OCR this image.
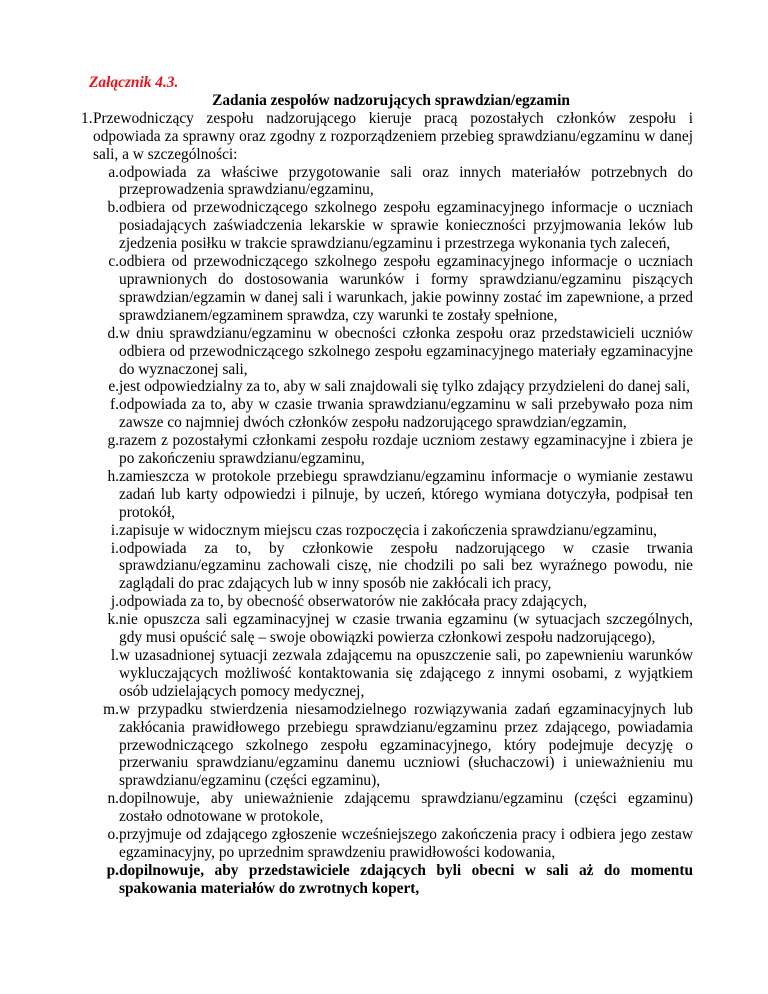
Załącznik 4.3.

Zadania zespołów nadzorujących sprawdzian/egzamin

1. Przewodniczący zespołu nadzorującego kieruje pracą pozostałych członków zespołu i odpowiada za sprawny oraz zgodny z rozporządzeniem przebieg sprawdzianu/egzaminu w danej sali, a w szczególności:
a. odpowiada za właściwe przygotowanie sali oraz innych materiałów potrzebnych do przeprowadzenia sprawdzianu/egzaminu,
b. odbiera od przewodniczącego szkolnego zespołu egzaminacyjnego informacje o uczniach posiadających zaświadczenia lekarskie w sprawie konieczności przyjmowania leków lub zjedzenia posiłku w trakcie sprawdzianu/egzaminu i przestrzega wykonania tych zaleceń,
c. odbiera od przewodniczącego szkolnego zespołu egzaminacyjnego informacje o uczniach uprawnionych do dostosowania warunków i formy sprawdzianu/egzaminu piszących sprawdzian/egzamin w danej sali i warunkach, jakie powinny zostać im zapewnione, a przed sprawdzianem/egzaminem sprawdza, czy warunki te zostały spełnione,
d. w dniu sprawdzianu/egzaminu w obecności członka zespołu oraz przedstawicieli uczniów odbiera od przewodniczącego szkolnego zespołu egzaminacyjnego materiały egzaminacyjne do wyznaczonej sali,
e. jest odpowiedzialny za to, aby w sali znajdowali się tylko zdający przydzieleni do danej sali,
f. odpowiada za to, aby w czasie trwania sprawdzianu/egzaminu w sali przebywało poza nim zawsze co najmniej dwóch członków zespołu nadzorującego sprawdzian/egzamin,
g. razem z pozostałymi członkami zespołu rozdaje uczniom zestawy egzaminacyjne i zbiera je po zakończeniu sprawdzianu/egzaminu,
h. zamieszcza w protokole przebiegu sprawdzianu/egzaminu informacje o wymianie zestawu zadań lub karty odpowiedzi i pilnuje, by uczeń, którego wymiana dotyczyła, podpisał ten protokół,
i. zapisuje w widocznym miejscu czas rozpoczęcia i zakończenia sprawdzianu/egzaminu,
i. odpowiada za to, by członkowie zespołu nadzorującego w czasie trwania sprawdzianu/egzaminu zachowali ciszę, nie chodzili po sali bez wyraźnego powodu, nie zaglądali do prac zdających lub w inny sposób nie zakłócali ich pracy,
j. odpowiada za to, by obecność obserwatorów nie zakłócała pracy zdających,
k. nie opuszcza sali egzaminacyjnej w czasie trwania egzaminu (w sytuacjach szczególnych, gdy musi opuścić salę – swoje obowiązki powierza członkowi zespołu nadzorującego),
l. w uzasadnionej sytuacji zezwala zdającemu na opuszczenie sali, po zapewnieniu warunków wykluczających możliwość kontaktowania się zdającego z innymi osobami, z wyjątkiem osób udzielających pomocy medycznej,
m. w przypadku stwierdzenia niesamodzielnego rozwiązywania zadań egzaminacyjnych lub zakłócania prawidłowego przebiegu sprawdzianu/egzaminu przez zdającego, powiadamia przewodniczącego szkolnego zespołu egzaminacyjnego, który podejmuje decyzję o przerwaniu sprawdzianu/egzaminu danemu uczniowi (słuchaczowi) i unieważnieniu mu sprawdzianu/egzaminu (części egzaminu),
n. dopilnowuje, aby unieważnienie zdającemu sprawdzianu/egzaminu (części egzaminu) zostało odnotowane w protokole,
o. przyjmuje od zdającego zgłoszenie wcześniejszego zakończenia pracy i odbiera jego zestaw egzaminacyjny, po uprzednim sprawdzeniu prawidłowości kodowania,
p. dopilnowuje, aby przedstawiciele zdających byli obecni w sali aż do momentu spakowania materiałów do zwrotnych kopert,
